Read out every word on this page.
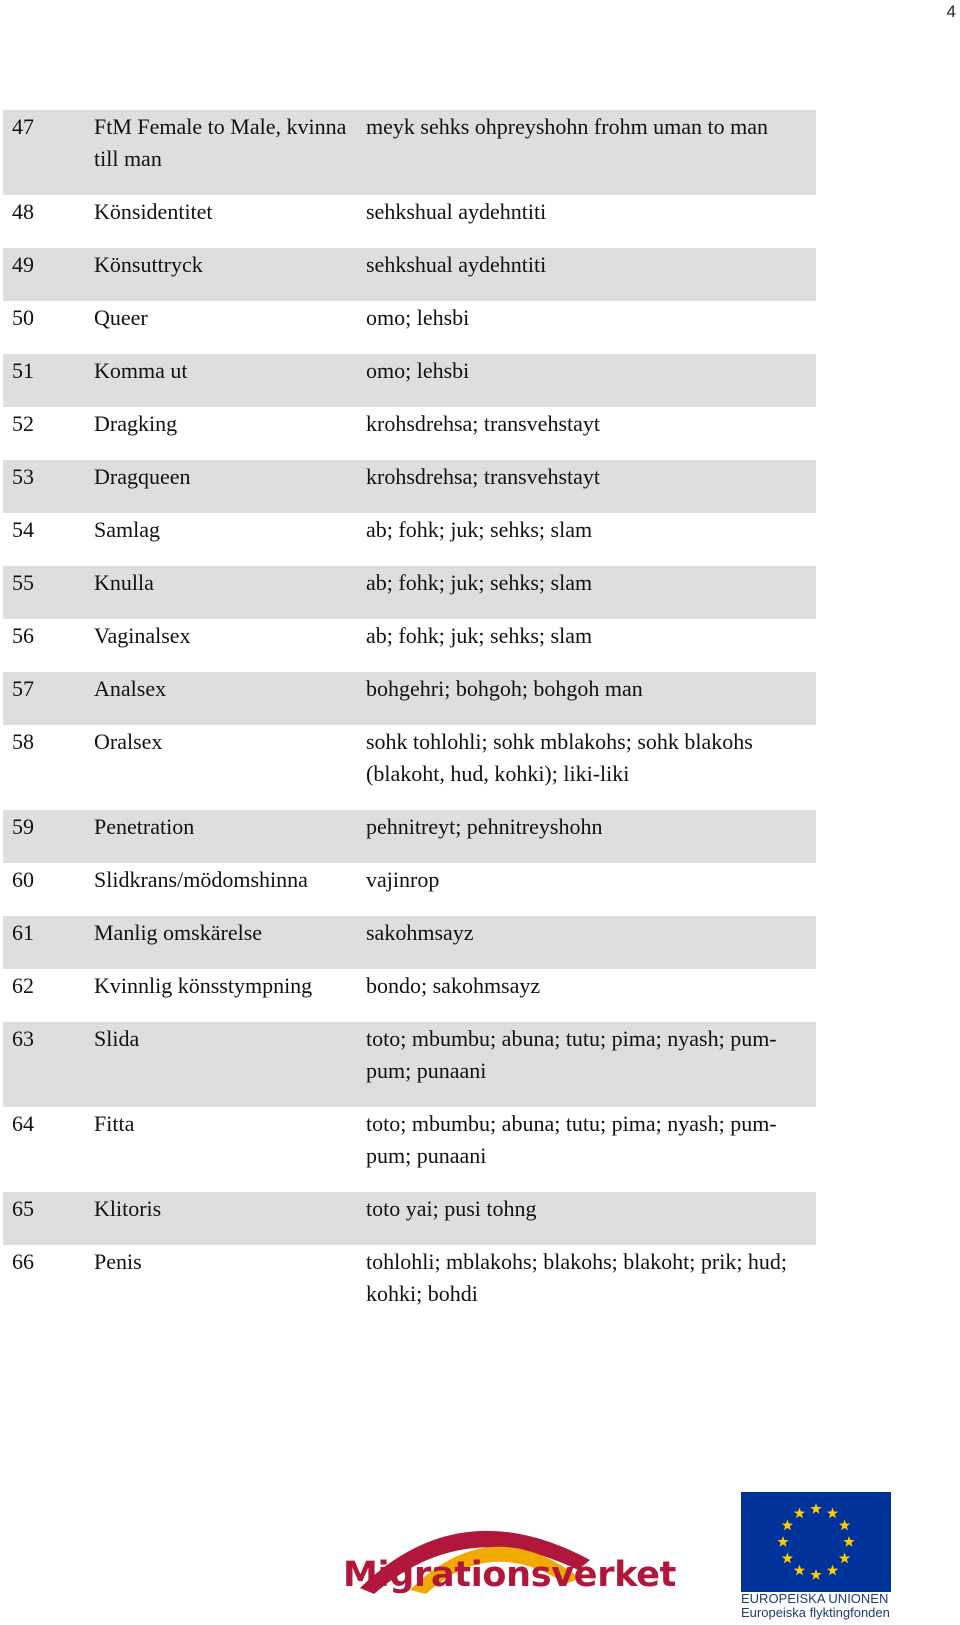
4
47	FtM Female to Male, kvinna till man	meyk sehks ohpreyshohn frohm uman to man
48	Könsidentitet	sehkshual aydehntiti
49	Könsuttryck	sehkshual aydehntiti
50	Queer	omo; lehsbi
51	Komma ut	omo; lehsbi
52	Dragking	krohsdrehsa; transvehstayt
53	Dragqueen	krohsdrehsa; transvehstayt
54	Samlag	ab; fohk; juk; sehks; slam
55	Knulla	ab; fohk; juk; sehks; slam
56	Vaginalsex	ab; fohk; juk; sehks; slam
57	Analsex	bohgehri; bohgoh; bohgoh man
58	Oralsex	sohk tohlohli; sohk mblakohs; sohk blakohs (blakoht, hud, kohki); liki-liki
59	Penetration	pehnitreyt; pehnitreyshohn
60	Slidkrans/mödomshinna	vajinrop
61	Manlig omskärelse	sakohmsayz
62	Kvinnlig könsstympning	bondo; sakohmsayz
63	Slida	toto; mbumbu; abuna; tutu; pima; nyash; pum-pum; punaani
64	Fitta	toto; mbumbu; abuna; tutu; pima; nyash; pum-pum; punaani
65	Klitoris	toto yai; pusi tohng
66	Penis	tohlohli; mblakohs; blakohs; blakoht; prik; hud; kohki; bohdi
Migrationsverket
EUROPEISKA UNIONEN
Europeiska flyktingfonden
